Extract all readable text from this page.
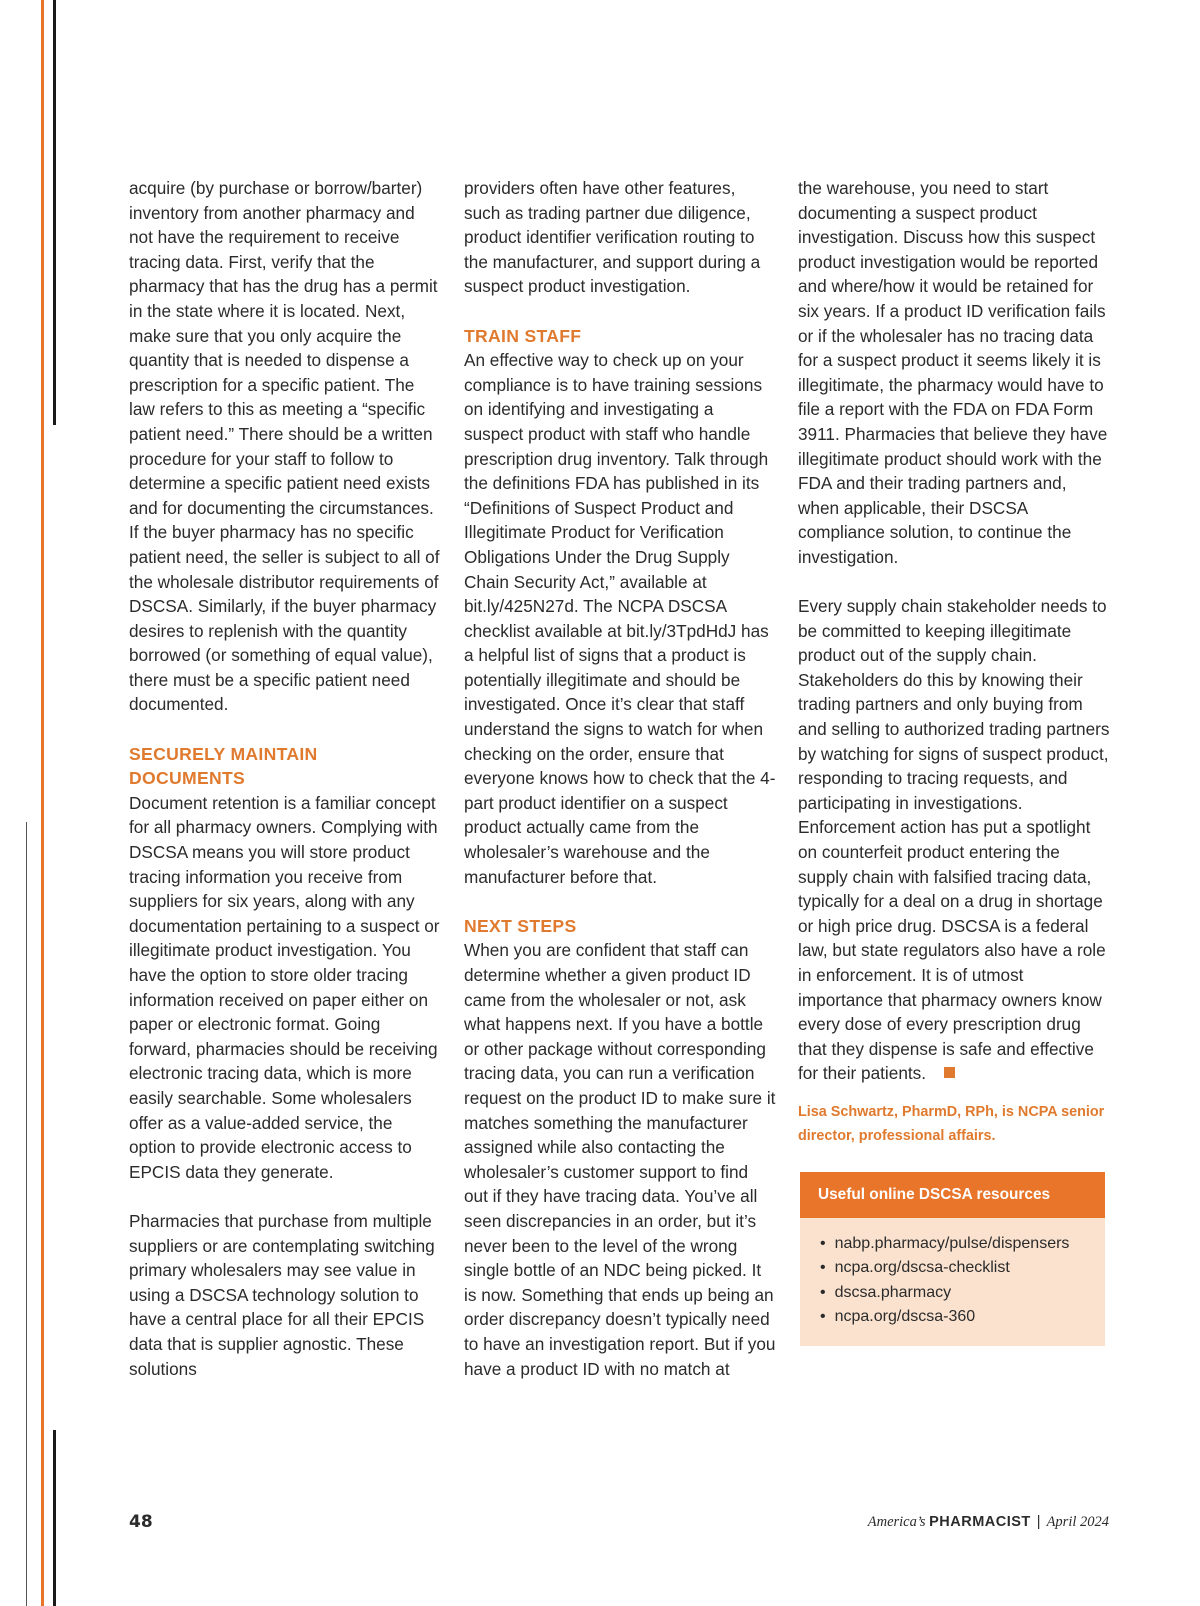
acquire (by purchase or borrow/barter) inventory from another pharmacy and not have the requirement to receive tracing data. First, verify that the pharmacy that has the drug has a permit in the state where it is located. Next, make sure that you only acquire the quantity that is needed to dispense a prescription for a specific patient. The law refers to this as meeting a “specific patient need.” There should be a written procedure for your staff to follow to determine a specific patient need exists and for documenting the circumstances. If the buyer pharmacy has no specific patient need, the seller is subject to all of the wholesale distributor requirements of DSCSA. Similarly, if the buyer pharmacy desires to replenish with the quantity borrowed (or something of equal value), there must be a specific patient need documented.

SECURELY MAINTAIN DOCUMENTS

Document retention is a familiar concept for all pharmacy owners. Complying with DSCSA means you will store product tracing information you receive from suppliers for six years, along with any documentation pertaining to a suspect or illegitimate product investigation. You have the option to store older tracing information received on paper either on paper or electronic format. Going forward, pharmacies should be receiving electronic tracing data, which is more easily searchable. Some wholesalers offer as a value-added service, the option to provide electronic access to EPCIS data they generate.

Pharmacies that purchase from multiple suppliers or are contemplating switching primary wholesalers may see value in using a DSCSA technology solution to have a central place for all their EPCIS data that is supplier agnostic. These solutions

providers often have other features, such as trading partner due diligence, product identifier verification routing to the manufacturer, and support during a suspect product investigation.

TRAIN STAFF

An effective way to check up on your compliance is to have training sessions on identifying and investigating a suspect product with staff who handle prescription drug inventory. Talk through the definitions FDA has published in its “Definitions of Suspect Product and Illegitimate Product for Verification Obligations Under the Drug Supply Chain Security Act,” available at bit.ly/425N27d. The NCPA DSCSA checklist available at bit.ly/3TpdHdJ has a helpful list of signs that a product is potentially illegitimate and should be investigated. Once it’s clear that staff understand the signs to watch for when checking on the order, ensure that everyone knows how to check that the 4-part product identifier on a suspect product actually came from the wholesaler’s warehouse and the manufacturer before that.

NEXT STEPS

When you are confident that staff can determine whether a given product ID came from the wholesaler or not, ask what happens next. If you have a bottle or other package without corresponding tracing data, you can run a verification request on the product ID to make sure it matches something the manufacturer assigned while also contacting the wholesaler’s customer support to find out if they have tracing data. You’ve all seen discrepancies in an order, but it’s never been to the level of the wrong single bottle of an NDC being picked. It is now. Something that ends up being an order discrepancy doesn’t typically need to have an investigation report. But if you have a product ID with no match at

the warehouse, you need to start documenting a suspect product investigation. Discuss how this suspect product investigation would be reported and where/how it would be retained for six years. If a product ID verification fails or if the wholesaler has no tracing data for a suspect product it seems likely it is illegitimate, the pharmacy would have to file a report with the FDA on FDA Form 3911. Pharmacies that believe they have illegitimate product should work with the FDA and their trading partners and, when applicable, their DSCSA compliance solution, to continue the investigation.

Every supply chain stakeholder needs to be committed to keeping illegitimate product out of the supply chain. Stakeholders do this by knowing their trading partners and only buying from and selling to authorized trading partners by watching for signs of suspect product, responding to tracing requests, and participating in investigations. Enforcement action has put a spotlight on counterfeit product entering the supply chain with falsified tracing data, typically for a deal on a drug in shortage or high price drug. DSCSA is a federal law, but state regulators also have a role in enforcement. It is of utmost importance that pharmacy owners know every dose of every prescription drug that they dispense is safe and effective for their patients.

Lisa Schwartz, PharmD, RPh, is NCPA senior director, professional affairs.
Useful online DSCSA resources
• nabp.pharmacy/pulse/dispensers
• ncpa.org/dscsa-checklist
• dscsa.pharmacy
• ncpa.org/dscsa-360
48	America’s PHARMACIST | April 2024
